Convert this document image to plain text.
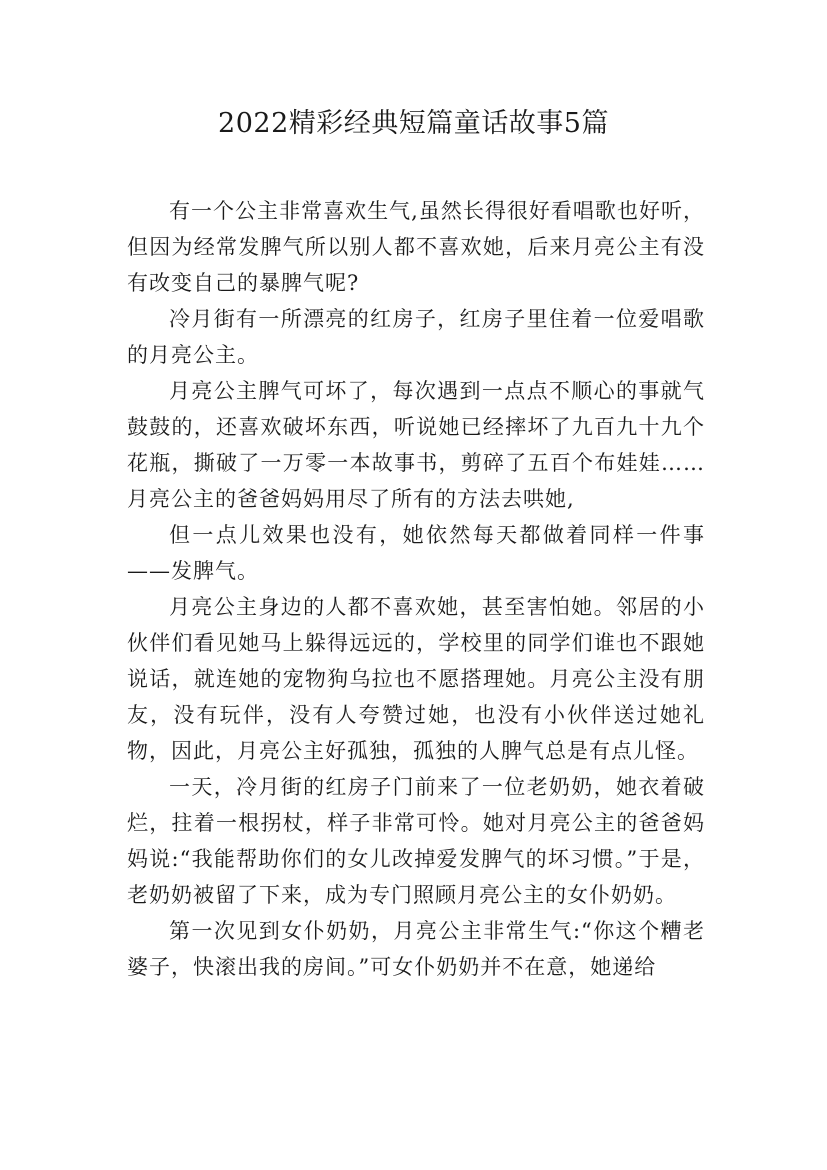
2022精彩经典短篇童话故事5篇

有一个公主非常喜欢生气,虽然长得很好看唱歌也好听，但因为经常发脾气所以别人都不喜欢她，后来月亮公主有没有改变自己的暴脾气呢?

冷月街有一所漂亮的红房子，红房子里住着一位爱唱歌的月亮公主。

月亮公主脾气可坏了，每次遇到一点点不顺心的事就气鼓鼓的，还喜欢破坏东西，听说她已经摔坏了九百九十九个花瓶，撕破了一万零一本故事书，剪碎了五百个布娃娃……月亮公主的爸爸妈妈用尽了所有的方法去哄她,

但一点儿效果也没有，她依然每天都做着同样一件事——发脾气。

月亮公主身边的人都不喜欢她，甚至害怕她。邻居的小伙伴们看见她马上躲得远远的，学校里的同学们谁也不跟她说话，就连她的宠物狗乌拉也不愿搭理她。月亮公主没有朋友，没有玩伴，没有人夸赞过她，也没有小伙伴送过她礼物，因此，月亮公主好孤独，孤独的人脾气总是有点儿怪。

一天，冷月街的红房子门前来了一位老奶奶，她衣着破烂，拄着一根拐杖，样子非常可怜。她对月亮公主的爸爸妈妈说:“我能帮助你们的女儿改掉爱发脾气的坏习惯。”于是，老奶奶被留了下来，成为专门照顾月亮公主的女仆奶奶。

第一次见到女仆奶奶，月亮公主非常生气:“你这个糟老婆子，快滚出我的房间。”可女仆奶奶并不在意，她递给
